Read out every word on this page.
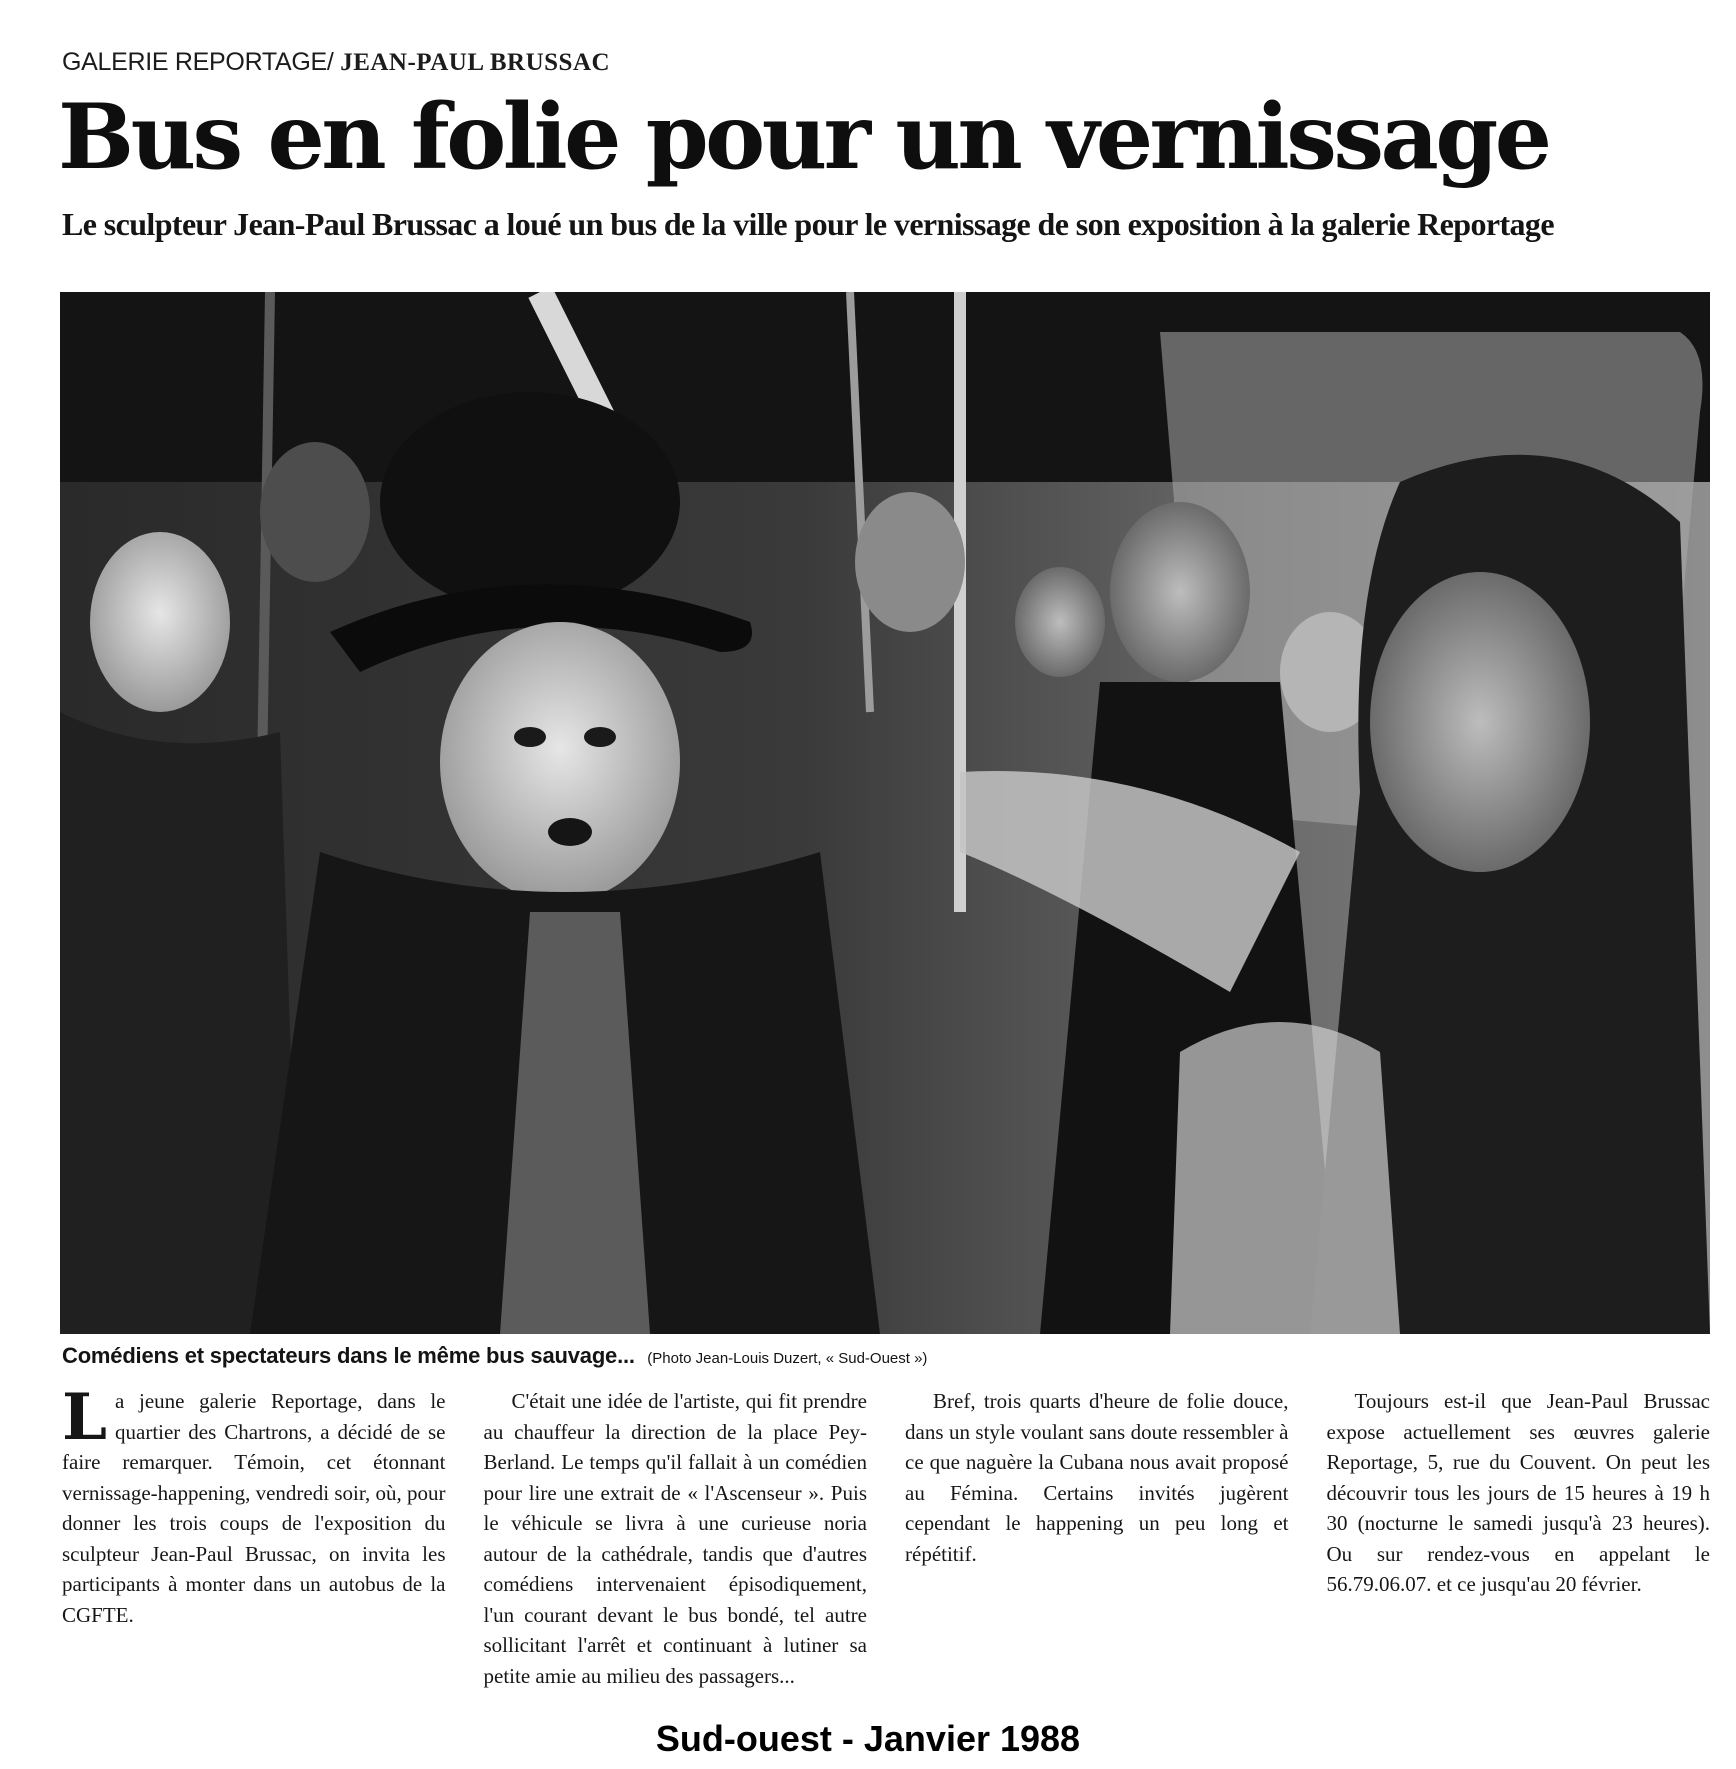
GALERIE REPORTAGE/ JEAN-PAUL BRUSSAC
Bus en folie pour un vernissage
Le sculpteur Jean-Paul Brussac a loué un bus de la ville pour le vernissage de son exposition à la galerie Reportage
Comédiens et spectateurs dans le même bus sauvage... (Photo Jean-Louis Duzert, « Sud-Ouest »)

La jeune galerie Reportage, dans le quartier des Chartrons, a décidé de se faire remarquer. Témoin, cet étonnant vernissage-happening, vendredi soir, où, pour donner les trois coups de l'exposition du sculpteur Jean-Paul Brussac, on invita les participants à monter dans un autobus de la CGFTE.

C'était une idée de l'artiste, qui fit prendre au chauffeur la direction de la place Pey-Berland. Le temps qu'il fallait à un comédien pour lire une extrait de « l'Ascenseur ». Puis le véhicule se livra à une curieuse noria autour de la cathédrale, tandis que d'autres comédiens intervenaient épisodiquement, l'un courant devant le bus bondé, tel autre sollicitant l'arrêt et continuant à lutiner sa petite amie au milieu des passagers...

Bref, trois quarts d'heure de folie douce, dans un style voulant sans doute ressembler à ce que naguère la Cubana nous avait proposé au Fémina. Certains invités jugèrent cependant le happening un peu long et répétitif.

Toujours est-il que Jean-Paul Brussac expose actuellement ses œuvres galerie Reportage, 5, rue du Couvent. On peut les découvrir tous les jours de 15 heures à 19 h 30 (nocturne le samedi jusqu'à 23 heures). Ou sur rendez-vous en appelant le 56.79.06.07. et ce jusqu'au 20 février.

Sud-ouest - Janvier 1988
